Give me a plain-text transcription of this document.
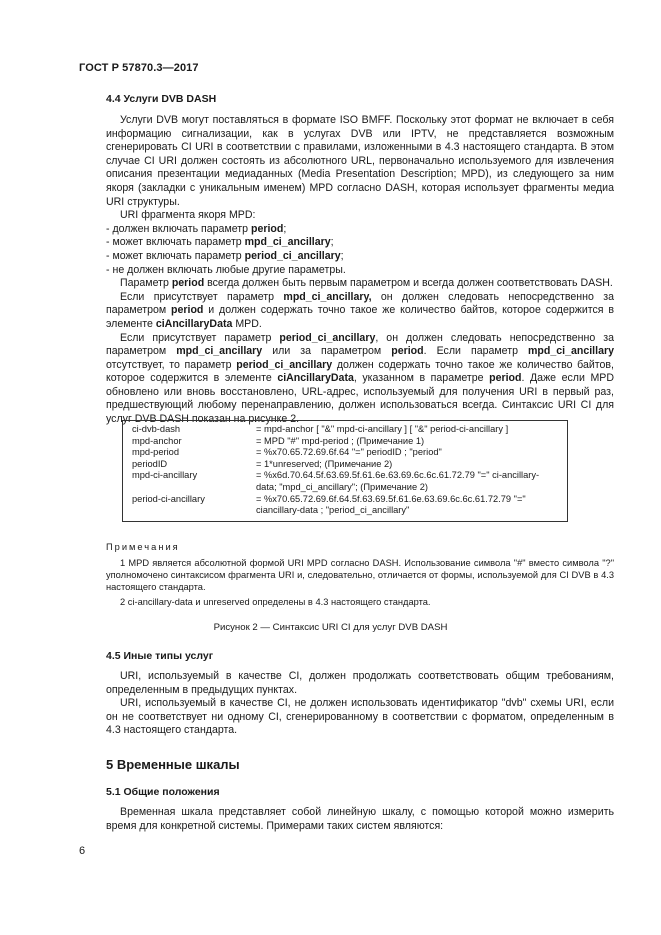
ГОСТ Р 57870.3—2017
4.4 Услуги DVB DASH

Услуги DVB могут поставляться в формате ISO BMFF. Поскольку этот формат не включает в себя информацию сигнализации, как в услугах DVB или IPTV, не представляется возможным сгенерировать CI URI в соответствии с правилами, изложенными в 4.3 настоящего стандарта. В этом случае CI URI должен состоять из абсолютного URL, первоначально используемого для извлечения описания презентации медиаданных (Media Presentation Description; MPD), из следующего за ним якоря (закладки с уникальным именем) MPD согласно DASH, которая использует фрагменты медиа URI структуры.

URI фрагмента якоря MPD:

- должен включать параметр period;
- может включать параметр mpd_ci_ancillary;
- может включать параметр period_ci_ancillary;
- не должен включать любые другие параметры.

Параметр period всегда должен быть первым параметром и всегда должен соответствовать DASH.

Если присутствует параметр mpd_ci_ancillary, он должен следовать непосредственно за параметром period и должен содержать точно такое же количество байтов, которое содержится в элементе ciAncillaryData MPD.

Если присутствует параметр period_ci_ancillary, он должен следовать непосредственно за параметром mpd_ci_ancillary или за параметром period. Если параметр mpd_ci_ancillary отсутствует, то параметр period_ci_ancillary должен содержать точно такое же количество байтов, которое содержится в элементе ciAncillaryData, указанном в параметре period. Даже если MPD обновлено или вновь восстановлено, URL-адрес, используемый для получения URI в первый раз, предшествующий любому перенаправлению, должен использоваться всегда. Синтаксис URI CI для услуг DVB DASH показан на рисунке 2.

ci-dvb-dash	= mpd-anchor [ "&" mpd-ci-ancillary ] [ "&" period-ci-ancillary ]
mpd-anchor	= MPD "#" mpd-period ; (Примечание 1)
mpd-period	= %x70.65.72.69.6f.64 "=" periodID ; "period"
periodID	= 1*unreserved; (Примечание 2)
mpd-ci-ancillary	= %x6d.70.64.5f.63.69.5f.61.6e.63.69.6c.6c.61.72.79 "=" ci-ancillary-data; "mpd_ci_ancillary"; (Примечание 2)
period-ci-ancillary	= %x70.65.72.69.6f.64.5f.63.69.5f.61.6e.63.69.6c.6c.61.72.79 "=" ciancillary-data ; "period_ci_ancillary"
Примечания

1 MPD является абсолютной формой URI MPD согласно DASH. Использование символа "#" вместо символа "?" уполномочено синтаксисом фрагмента URI и, следовательно, отличается от формы, используемой для CI DVB в 4.3 настоящего стандарта.

2 ci-ancillary-data и unreserved определены в 4.3 настоящего стандарта.

Рисунок 2 — Синтаксис URI CI для услуг DVB DASH
4.5 Иные типы услуг

URI, используемый в качестве CI, должен продолжать соответствовать общим требованиям, определенным в предыдущих пунктах.

URI, используемый в качестве CI, не должен использовать идентификатор "dvb" схемы URI, если он не соответствует ни одному CI, сгенерированному в соответствии с форматом, определенным в 4.3 настоящего стандарта.

5 Временные шкалы
5.1 Общие положения

Временная шкала представляет собой линейную шкалу, с помощью которой можно измерить время для конкретной системы. Примерами таких систем являются:

6
